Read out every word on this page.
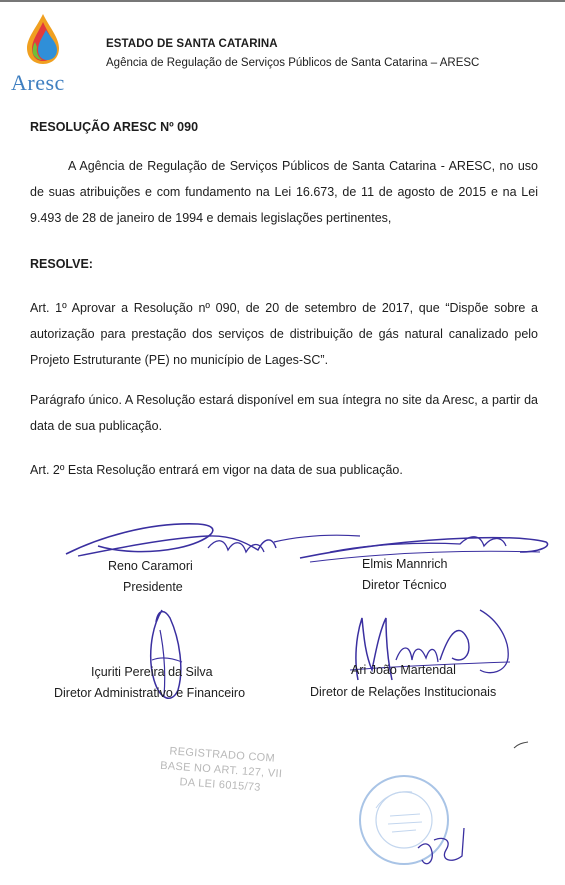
Aresc
ESTADO DE SANTA CATARINA
Agência de Regulação de Serviços Públicos de Santa Catarina – ARESC
RESOLUÇÃO ARESC Nº 090
A Agência de Regulação de Serviços Públicos de Santa Catarina - ARESC, no uso de suas atribuições e com fundamento na Lei 16.673, de 11 de agosto de 2015 e na Lei 9.493 de 28 de janeiro de 1994 e demais legislações pertinentes,
RESOLVE:
Art. 1º Aprovar a Resolução nº 090, de 20 de setembro de 2017, que “Dispõe sobre a autorização para prestação dos serviços de distribuição de gás natural canalizado pelo Projeto Estruturante (PE) no município de Lages-SC”.
Parágrafo único. A Resolução estará disponível em sua íntegra no site da Aresc, a partir da data de sua publicação.
Art. 2º Esta Resolução entrará em vigor na data de sua publicação.
Reno Caramori
Presidente
Elmis Mannrich
Diretor Técnico
Içuriti Pereira da Silva
Diretor Administrativo e Financeiro
Ari João Martendal
Diretor de Relações Institucionais
REGISTRADO COM
BASE NO ART. 127, VII
DA LEI 6015/73
